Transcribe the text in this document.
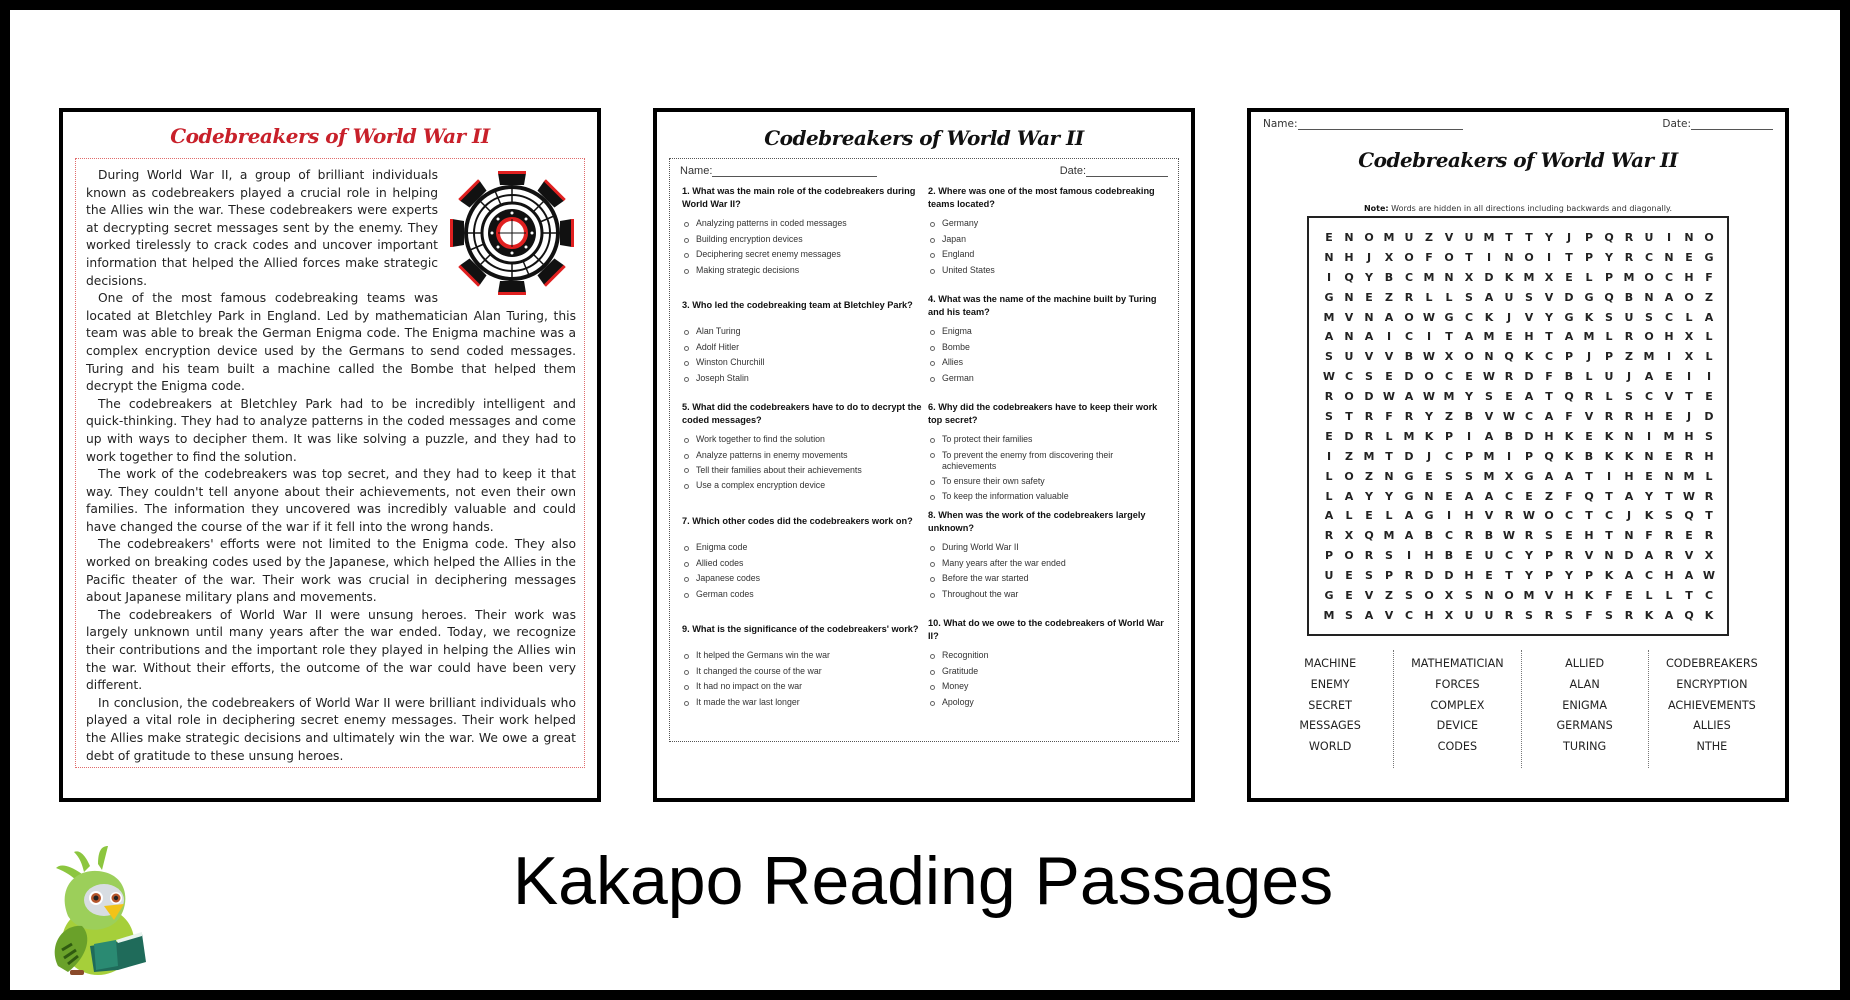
Codebreakers of World War II

During World War II, a group of brilliant individuals known as codebreakers played a crucial role in helping the Allies win the war. These codebreakers were experts at decrypting secret messages sent by the enemy. They worked tirelessly to crack codes and uncover important information that helped the Allied forces make strategic decisions.

One of the most famous codebreaking teams was located at Bletchley Park in England. Led by mathematician Alan Turing, this team was able to break the German Enigma code. The Enigma machine was a complex encryption device used by the Germans to send coded messages. Turing and his team built a machine called the Bombe that helped them decrypt the Enigma code.

The codebreakers at Bletchley Park had to be incredibly intelligent and quick-thinking. They had to analyze patterns in the coded messages and come up with ways to decipher them. It was like solving a puzzle, and they had to work together to find the solution.

The work of the codebreakers was top secret, and they had to keep it that way. They couldn't tell anyone about their achievements, not even their own families. The information they uncovered was incredibly valuable and could have changed the course of the war if it fell into the wrong hands.

The codebreakers' efforts were not limited to the Enigma code. They also worked on breaking codes used by the Japanese, which helped the Allies in the Pacific theater of the war. Their work was crucial in deciphering messages about Japanese military plans and movements.

The codebreakers of World War II were unsung heroes. Their work was largely unknown until many years after the war ended. Today, we recognize their contributions and the important role they played in helping the Allies win the war. Without their efforts, the outcome of the war could have been very different.

In conclusion, the codebreakers of World War II were brilliant individuals who played a vital role in deciphering secret enemy messages. Their work helped the Allies make strategic decisions and ultimately win the war. We owe a great debt of gratitude to these unsung heroes.

Codebreakers of World War II
Name:	Date:
1. What was the main role of the codebreakers during World War II?
Analyzing patterns in coded messages
Building encryption devices
Deciphering secret enemy messages
Making strategic decisions
2. Where was one of the most famous codebreaking teams located?
Germany
Japan
England
United States
3. Who led the codebreaking team at Bletchley Park?
Alan Turing
Adolf Hitler
Winston Churchill
Joseph Stalin
4. What was the name of the machine built by Turing and his team?
Enigma
Bombe
Allies
German
5. What did the codebreakers have to do to decrypt the coded messages?
Work together to find the solution
Analyze patterns in enemy movements
Tell their families about their achievements
Use a complex encryption device
6. Why did the codebreakers have to keep their work top secret?
To protect their families
To prevent the enemy from discovering their achievements
To ensure their own safety
To keep the information valuable
7. Which other codes did the codebreakers work on?
Enigma code
Allied codes
Japanese codes
German codes
8. When was the work of the codebreakers largely unknown?
During World War II
Many years after the war ended
Before the war started
Throughout the war
9. What is the significance of the codebreakers' work?
It helped the Germans win the war
It changed the course of the war
It had no impact on the war
It made the war last longer
10. What do we owe to the codebreakers of World War II?
Recognition
Gratitude
Money
Apology
Name:	Date:
Codebreakers of World War II
Note: Words are hidden in all directions including backwards and diagonally.
E	N O M U	Z	V	U M T	T	Y	J	P	Q	R	U	I	N O
N H	J	X	O	F	O	T	I	N O	I	T	P	Y	R	C	N	E	G
I	Q	Y	B	C M N	X	D	K M X	E	L	P M O	C	H	F
G N	E	Z	R	L	L	S	A	U	S	V	D G Q	B	N	A	O	Z
M V	N	A	O W G	C	K	J	V	Y	G	K	S	U	S	C	L	A
A	N	A	I	C	I	T	A M E	H	T	A M	L	R	O H	X	L
S	U	V	V	B W X	O N Q	K	C	P	J	P	Z M	I	X	L
W C	S	E	D O	C	E W R	D	F	B	L	U	J	A	E	I	I
R	O D W A W M Y	S	E	A	T	Q	R	L	S	C	V	T	E
S	T	R	F	R	Y	Z	B	V W C	A	F	V	R	R	H	E	J	D
E	D	R	L	M K	P	I	A	B	D H	K	E	K	N	I	M H	S
I	Z M T	D	J	C	P M	I	P	Q	K	B	K	K	N	E	R	H
L	O	Z	N G	E	S	S M X	G	A	A	T	I	H	E	N M	L
L	A	Y	Y	G N	E	A	A	C	E	Z	F	Q	T	A	Y	T W R
A	L	E	L	A	G	I	H	V	R W O	C	T	C	J	K	S	Q	T
R	X	Q M A	B	C	R	B W R	S	E	H	T	N	F	R	E	R
P	O	R	S	I	H	B	E	U	C	Y	P	R	V	N D	A	R	V	X
U	E	S	P	R	D D H	E	T	Y	P	Y	P	K	A	C	H	A W
G	E	V	Z	S	O	X	S	N O M V	H	K	F	E	L	L	T	C
M S	A	V	C	H	X	U	U	R	S	R	S	F	S	R	K	A	Q	K
MACHINE
ENEMY
SECRET
MESSAGES
WORLD
MATHEMATICIAN
FORCES
COMPLEX
DEVICE
CODES
ALLIED
ALAN
ENIGMA
GERMANS
TURING
CODEBREAKERS
ENCRYPTION
ACHIEVEMENTS
ALLIES
NTHE
Kakapo Reading Passages
